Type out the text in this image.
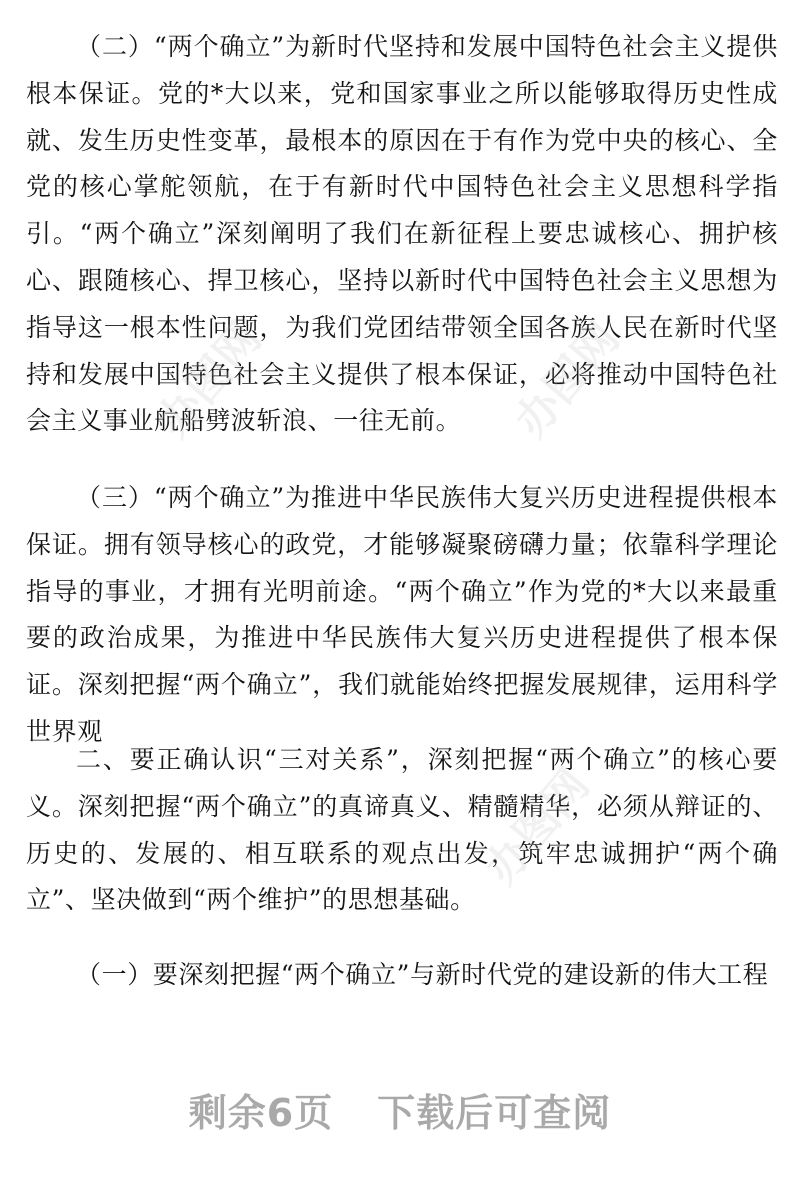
（二）“两个确立”为新时代坚持和发展中国特色社会主义提供根本保证。党的*大以来，党和国家事业之所以能够取得历史性成就、发生历史性变革，最根本的原因在于有作为党中央的核心、全党的核心掌舵领航，在于有新时代中国特色社会主义思想科学指引。“两个确立”深刻阐明了我们在新征程上要忠诚核心、拥护核心、跟随核心、捍卫核心，坚持以新时代中国特色社会主义思想为指导这一根本性问题，为我们党团结带领全国各族人民在新时代坚持和发展中国特色社会主义提供了根本保证，必将推动中国特色社会主义事业航船劈波斩浪、一往无前。

（三）“两个确立”为推进中华民族伟大复兴历史进程提供根本保证。拥有领导核心的政党，才能够凝聚磅礴力量；依靠科学理论指导的事业，才拥有光明前途。“两个确立”作为党的*大以来最重要的政治成果，为推进中华民族伟大复兴历史进程提供了根本保证。深刻把握“两个确立”，我们就能始终把握发展规律，运用科学世界观

二、要正确认识“三对关系”，深刻把握“两个确立”的核心要义。深刻把握“两个确立”的真谛真义、精髓精华，必须从辩证的、历史的、发展的、相互联系的观点出发，筑牢忠诚拥护“两个确立”、坚决做到“两个维护”的思想基础。

（一）要深刻把握“两个确立”与新时代党的建设新的伟大工程

办图网	办图网
办图网
剩余6页 下载后可查阅
